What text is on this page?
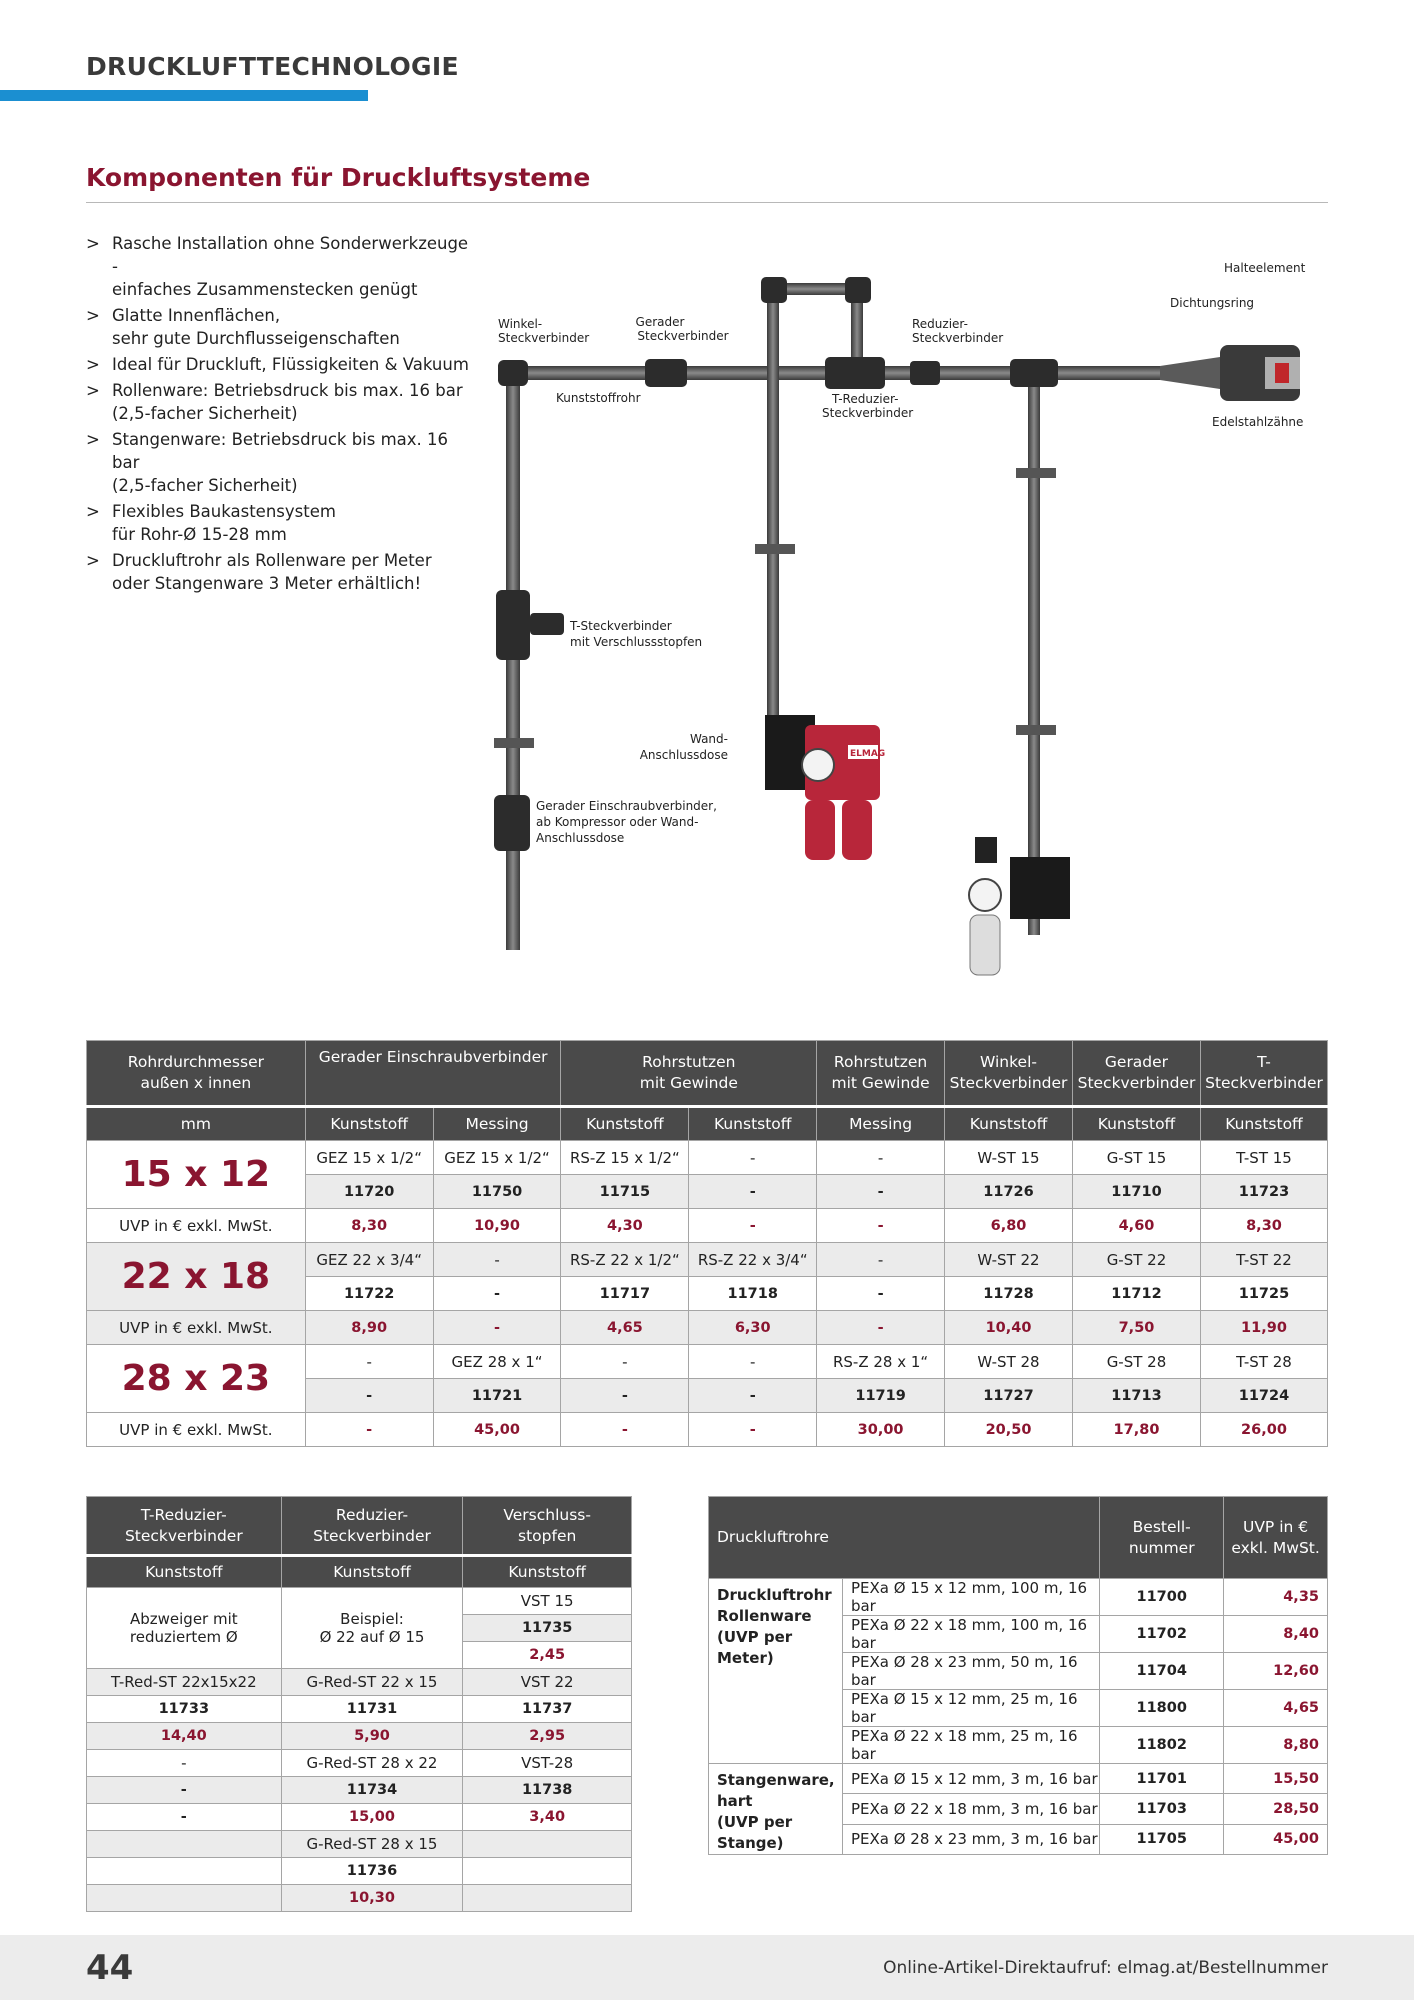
DRUCKLUFTTECHNOLOGIE
Komponenten für Druckluftsysteme
> Rasche Installation ohne Sonderwerkzeuge -
einfaches Zusammenstecken genügt
> Glatte Innenflächen,
sehr gute Durchflusseigenschaften
> Ideal für Druckluft, Flüssigkeiten & Vakuum
> Rollenware: Betriebsdruck bis max. 16 bar
(2,5-facher Sicherheit)
> Stangenware: Betriebsdruck bis max. 16 bar
(2,5-facher Sicherheit)
> Flexibles Baukastensystem
für Rohr-Ø 15-28 mm
> Druckluftrohr als Rollenware per Meter
oder Stangenware 3 Meter erhältlich!
ELMAG
Winkel-Steckverbinder
Gerader Steckverbinder
Reduzier-Steckverbinder
Kunststoffrohr	T-Reduzier-Steckverbinder
Halteelement
Dichtungsring
Edelstahlzähne
T-Steckverbinder mit Verschlussstopfen
Wand-Anschlussdose
Gerader Einschraubverbinder, ab Kompressor oder Wand-Anschlussdose
Rohrdurchmesser
außen x innen	Gerader Einschraubverbinder		Rohrstutzen
mit Gewinde		Rohrstutzen
mit Gewinde	Winkel-
Steckverbinder	Gerader
Steckverbinder	T-
Steckverbinder
mm	Kunststoff	Messing	Kunststoff	Kunststoff	Messing	Kunststoff	Kunststoff	Kunststoff
15 x 12	GEZ 15 x 1/2“	GEZ 15 x 1/2“	RS-Z 15 x 1/2“	-	-	W-ST 15	G-ST 15	T-ST 15
	11720	11750	11715	-	-	11726	11710	11723
UVP in € exkl. MwSt.	8,30	10,90	4,30	-	-	6,80	4,60	8,30
22 x 18	GEZ 22 x 3/4“	-	RS-Z 22 x 1/2“	RS-Z 22 x 3/4“	-	W-ST 22	G-ST 22	T-ST 22
	11722	-	11717	11718	-	11728	11712	11725
UVP in € exkl. MwSt.	8,90	-	4,65	6,30	-	10,40	7,50	11,90
28 x 23	-	GEZ 28 x 1“	-	-	RS-Z 28 x 1“	W-ST 28	G-ST 28	T-ST 28
	-	11721	-	-	11719	11727	11713	11724
UVP in € exkl. MwSt.	-	45,00	-	-	30,00	20,50	17,80	26,00
T-Reduzier-
Steckverbinder	Reduzier-
Steckverbinder	Verschluss-
stopfen
Kunststoff	Kunststoff	Kunststoff
Abzweiger mit
reduziertem Ø	Beispiel:
Ø 22 auf Ø 15	VST 15
		11735
		2,45
T-Red-ST 22x15x22	G-Red-ST 22 x 15	VST 22
11733	11731	11737
14,40	5,90	2,95
-	G-Red-ST 28 x 22	VST-28
-	11734	11738
-	15,00	3,40
	G-Red-ST 28 x 15	
	11736	
	10,30	
Druckluftrohre		Bestell-
nummer	UVP in €
exkl. MwSt.
Druckluftrohr
Rollenware
(UVP per Meter)	PEXa Ø 15 x 12 mm, 100 m, 16 bar	11700	4,35
	PEXa Ø 22 x 18 mm, 100 m, 16 bar	11702	8,40
	PEXa Ø 28 x 23 mm, 50 m, 16 bar	11704	12,60
	PEXa Ø 15 x 12 mm, 25 m, 16 bar	11800	4,65
	PEXa Ø 22 x 18 mm, 25 m, 16 bar	11802	8,80
Stangenware,
hart
(UVP per Stange)	PEXa Ø 15 x 12 mm, 3 m, 16 bar	11701	15,50
	PEXa Ø 22 x 18 mm, 3 m, 16 bar	11703	28,50
	PEXa Ø 28 x 23 mm, 3 m, 16 bar	11705	45,00
44	Online-Artikel-Direktaufruf: elmag.at/Bestellnummer
